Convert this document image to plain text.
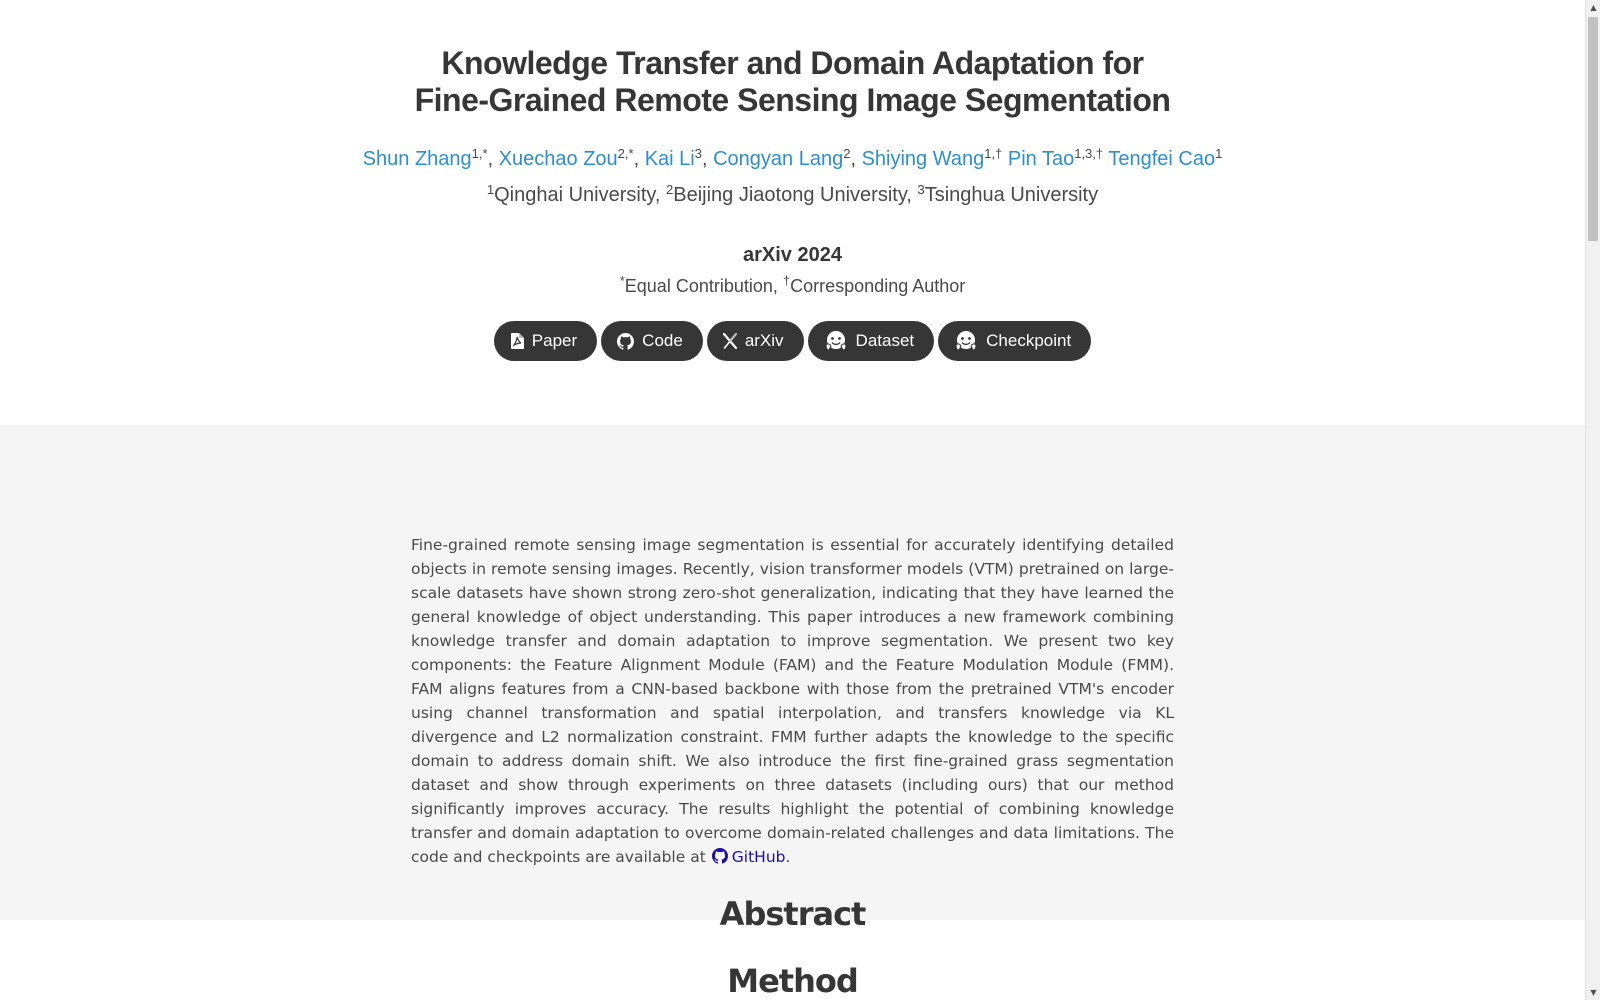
Knowledge Transfer and Domain Adaptation for
Fine-Grained Remote Sensing Image Segmentation
Shun Zhang$^{1,*}$, Xuechao Zou$^{2,*}$, Kai Li$^3$, Congyan Lang$^2$, Shiying Wang$^{1,\dagger}$ Pin Tao$^{1,3,\dagger}$ Tengfei Cao$^1$
$^1$Qinghai University, $^2$Beijing Jiaotong University, $^3$Tsinghua University
arXiv 2024
*Equal Contribution, †Corresponding Author
Paper	Code	arXiv	Dataset	Checkpoint
Abstract

Fine-grained remote sensing image segmentation is essential for accurately identifying detailed objects in remote sensing images. Recently, vision transformer models (VTM) pretrained on large-scale datasets have shown strong zero-shot generalization, indicating that they have learned the general knowledge of object understanding. This paper introduces a new framework combining knowledge transfer and domain adaptation to improve segmentation. We present two key components: the Feature Alignment Module (FAM) and the Feature Modulation Module (FMM). FAM aligns features from a CNN-based backbone with those from the pretrained VTM's encoder using channel transformation and spatial interpolation, and transfers knowledge via KL divergence and L2 normalization constraint. FMM further adapts the knowledge to the specific domain to address domain shift. We also introduce the first fine-grained grass segmentation dataset and show through experiments on three datasets (including ours) that our method significantly improves accuracy. The results highlight the potential of combining knowledge transfer and domain adaptation to overcome domain-related challenges and data limitations. The code and checkpoints are available at GitHub.

Method
▲
▼
